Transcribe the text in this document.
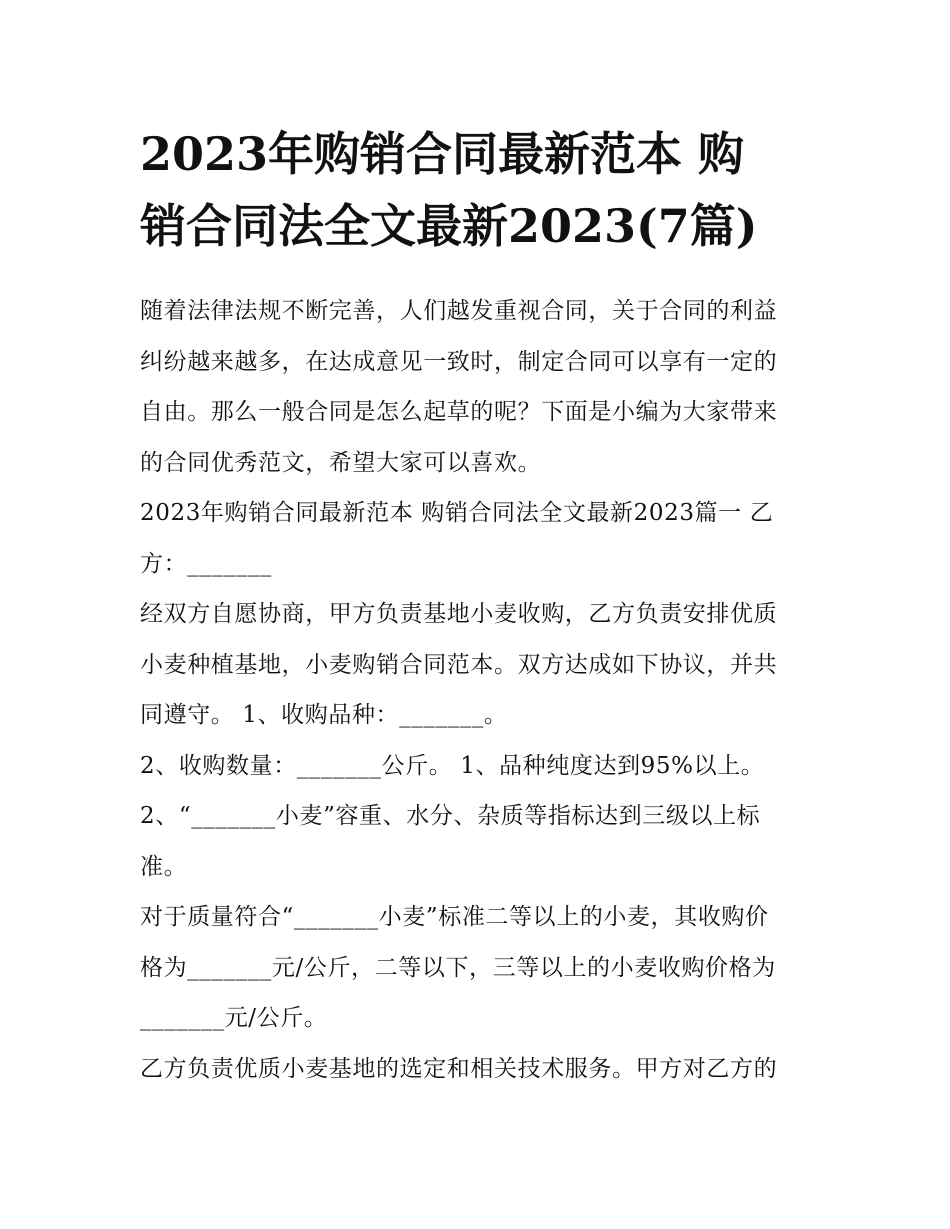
2023年购销合同最新范本 购
销合同法全文最新2023(7篇)

随着法律法规不断完善，人们越发重视合同，关于合同的利益
纠纷越来越多，在达成意见一致时，制定合同可以享有一定的
自由。那么一般合同是怎么起草的呢？下面是小编为大家带来
的合同优秀范文，希望大家可以喜欢。

2023年购销合同最新范本 购销合同法全文最新2023篇一 乙
方：_______

经双方自愿协商，甲方负责基地小麦收购，乙方负责安排优质
小麦种植基地，小麦购销合同范本。双方达成如下协议，并共
同遵守。 1、收购品种：_______。

2、收购数量：_______公斤。 1、品种纯度达到95%以上。

2、“_______小麦”容重、水分、杂质等指标达到三级以上标
准。

对于质量符合“_______小麦”标准二等以上的小麦，其收购价
格为_______元/公斤，二等以下，三等以上的小麦收购价格为
_______元/公斤。

乙方负责优质小麦基地的选定和相关技术服务。甲方对乙方的
